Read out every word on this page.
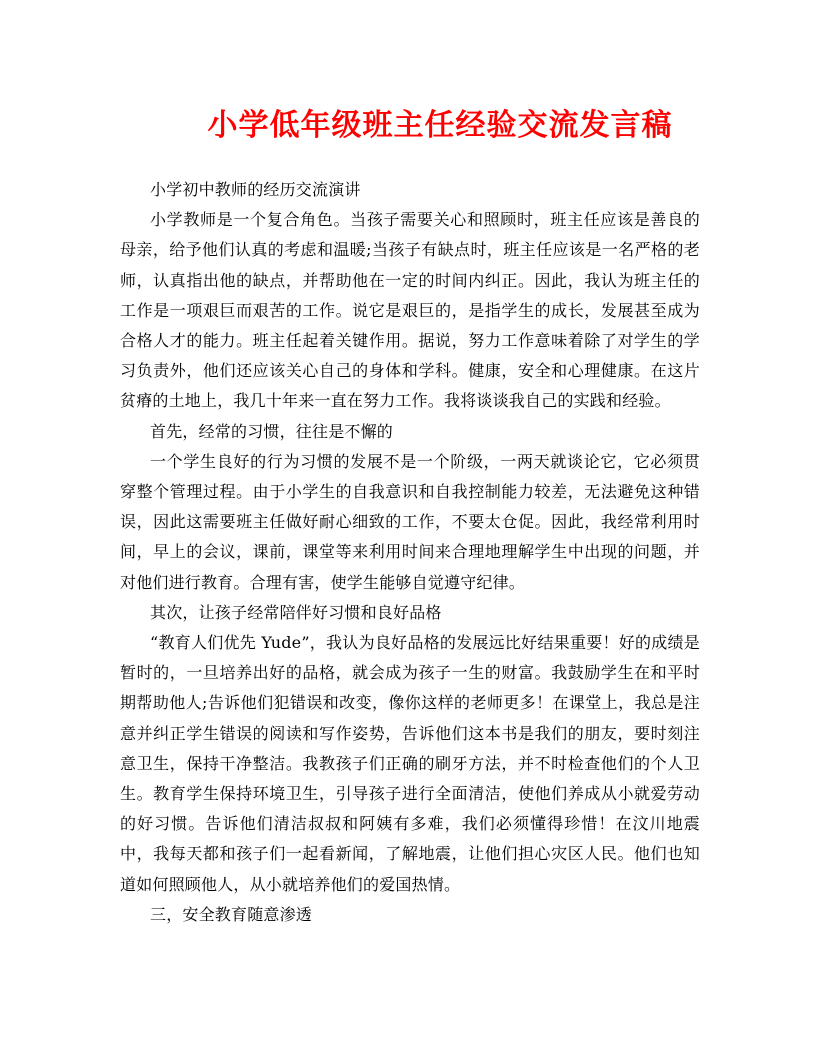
小学低年级班主任经验交流发言稿

小学初中教师的经历交流演讲

小学教师是一个复合角色。当孩子需要关心和照顾时，班主任应该是善良的母亲，给予他们认真的考虑和温暖;当孩子有缺点时，班主任应该是一名严格的老师，认真指出他的缺点，并帮助他在一定的时间内纠正。因此，我认为班主任的工作是一项艰巨而艰苦的工作。说它是艰巨的，是指学生的成长，发展甚至成为合格人才的能力。班主任起着关键作用。据说，努力工作意味着除了对学生的学习负责外，他们还应该关心自己的身体和学科。健康，安全和心理健康。在这片贫瘠的土地上，我几十年来一直在努力工作。我将谈谈我自己的实践和经验。

首先，经常的习惯，往往是不懈的

一个学生良好的行为习惯的发展不是一个阶级，一两天就谈论它，它必须贯穿整个管理过程。由于小学生的自我意识和自我控制能力较差，无法避免这种错误，因此这需要班主任做好耐心细致的工作，不要太仓促。因此，我经常利用时间，早上的会议，课前，课堂等来利用时间来合理地理解学生中出现的问题，并对他们进行教育。合理有害，使学生能够自觉遵守纪律。

其次，让孩子经常陪伴好习惯和良好品格

“教育人们优先 Yude”，我认为良好品格的发展远比好结果重要！好的成绩是暂时的，一旦培养出好的品格，就会成为孩子一生的财富。我鼓励学生在和平时期帮助他人;告诉他们犯错误和改变，像你这样的老师更多！在课堂上，我总是注意并纠正学生错误的阅读和写作姿势，告诉他们这本书是我们的朋友，要时刻注意卫生，保持干净整洁。我教孩子们正确的刷牙方法，并不时检查他们的个人卫生。教育学生保持环境卫生，引导孩子进行全面清洁，使他们养成从小就爱劳动的好习惯。告诉他们清洁叔叔和阿姨有多难，我们必须懂得珍惜！在汶川地震中，我每天都和孩子们一起看新闻，了解地震，让他们担心灾区人民。他们也知道如何照顾他人，从小就培养他们的爱国热情。

三，安全教育随意渗透
